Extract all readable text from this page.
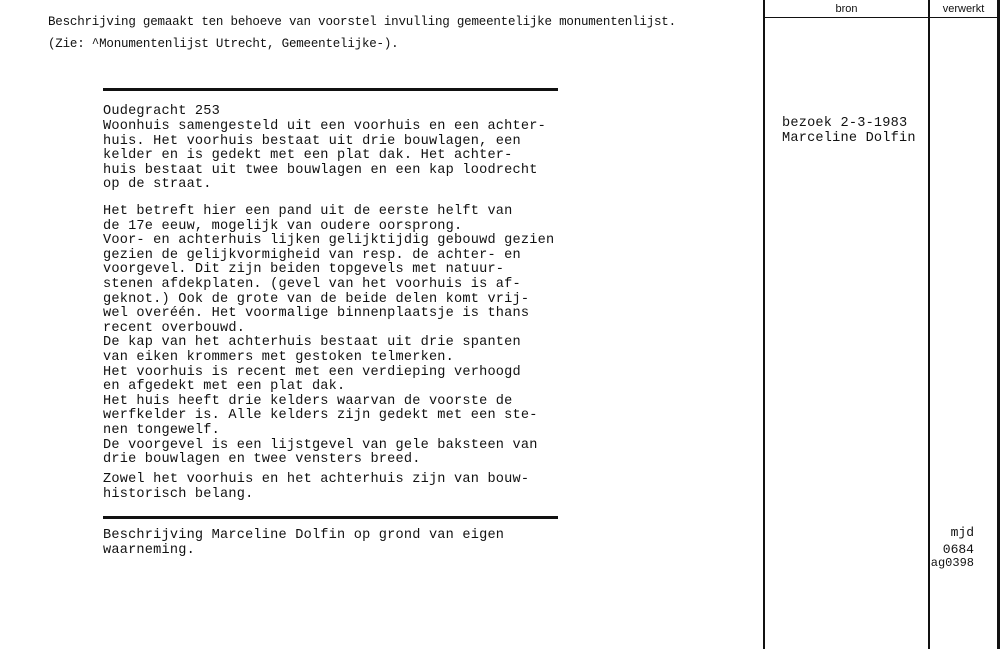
bron	verwerkt
Beschrijving gemaakt ten behoeve van voorstel invulling gemeentelijke monumentenlijst.
(Zie: ^Monumentenlijst Utrecht, Gemeentelijke-).
Oudegracht 253
Woonhuis samengesteld uit een voorhuis en een achter-
huis. Het voorhuis bestaat uit drie bouwlagen, een
kelder en is gedekt met een plat dak. Het achter-
huis bestaat uit twee bouwlagen en een kap loodrecht
op de straat.
Het betreft hier een pand uit de eerste helft van
de 17e eeuw, mogelijk van oudere oorsprong.
Voor- en achterhuis lijken gelijktijdig gebouwd gezien
gezien de gelijkvormigheid van resp. de achter- en
voorgevel. Dit zijn beiden topgevels met natuur-
stenen afdekplaten. (gevel van het voorhuis is af-
geknot.) Ook de grote van de beide delen komt vrij-
wel overéén. Het voormalige binnenplaatsje is thans
recent overbouwd.
De kap van het achterhuis bestaat uit drie spanten
van eiken krommers met gestoken telmerken.
Het voorhuis is recent met een verdieping verhoogd
en afgedekt met een plat dak.
Het huis heeft drie kelders waarvan de voorste de
werfkelder is. Alle kelders zijn gedekt met een ste-
nen tongewelf.
De voorgevel is een lijstgevel van gele baksteen van
drie bouwlagen en twee vensters breed.
Zowel het voorhuis en het achterhuis zijn van bouw-
historisch belang.
bezoek 2-3-1983
Marceline Dolfin
Beschrijving Marceline Dolfin op grond van eigen
waarneming.
mjd
0684
ag0398
